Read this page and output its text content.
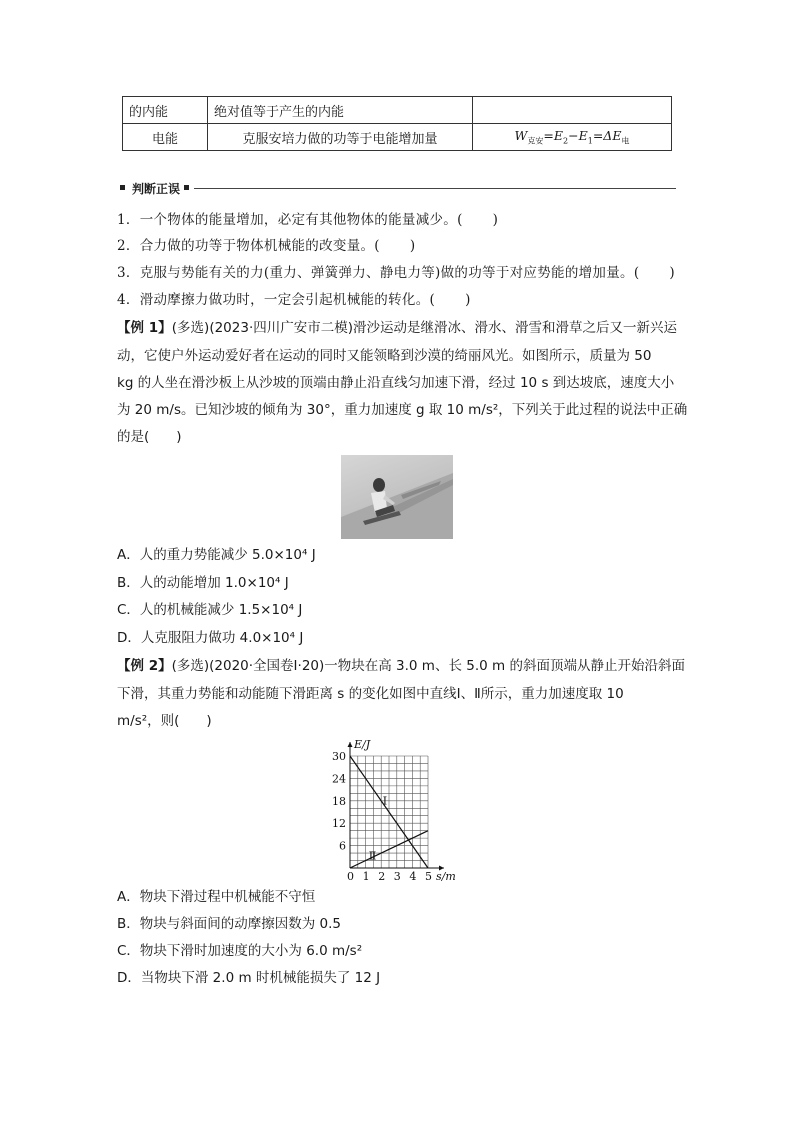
的内能	绝对值等于产生的内能	
电能	克服安培力做的功等于电能增加量	$W_{克安}=E_2-E_1=\Delta E_电$
判断正误
1．一个物体的能量增加，必定有其他物体的能量减少。( )
2．合力做的功等于物体机械能的改变量。( )
3．克服与势能有关的力(重力、弹簧弹力、静电力等)做的功等于对应势能的增加量。( )
4．滑动摩擦力做功时，一定会引起机械能的转化。( )
【例 1】 (多选)(2023·四川广安市二模)滑沙运动是继滑冰、滑水、滑雪和滑草之后又一新兴运
动，它使户外运动爱好者在运动的同时又能领略到沙漠的绮丽风光。如图所示，质量为 50
kg 的人坐在滑沙板上从沙坡的顶端由静止沿直线匀加速下滑，经过 10 s 到达坡底，速度大小
为 20 m/s。已知沙坡的倾角为 30°，重力加速度 g 取 10 m/s²，下列关于此过程的说法中正确
的是(　　)
A．人的重力势能减少 5.0×10⁴ J
B．人的动能增加 1.0×10⁴ J
C．人的机械能减少 1.5×10⁴ J
D．人克服阻力做功 4.0×10⁴ J
【例 2】 (多选)(2020·全国卷Ⅰ·20)一物块在高 3.0 m、长 5.0 m 的斜面顶端从静止开始沿斜面
下滑，其重力势能和动能随下滑距离 s 的变化如图中直线Ⅰ、Ⅱ所示，重力加速度取 10
m/s²，则(　　)
Ⅰ
Ⅱ
0 1 2 3 4 5
6
12
18
24
30
s/m
E/J
A．物块下滑过程中机械能不守恒
B．物块与斜面间的动摩擦因数为 0.5
C．物块下滑时加速度的大小为 6.0 m/s²
D．当物块下滑 2.0 m 时机械能损失了 12 J
